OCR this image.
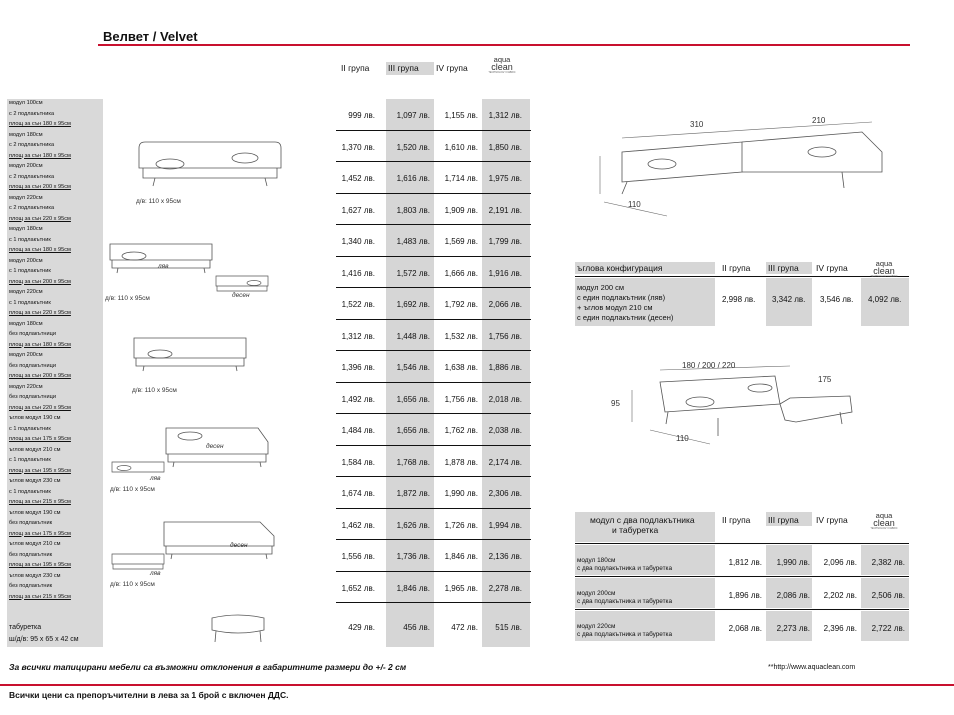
Велвет / Velvet
II група III група	IV група
aqua
clean
TECHNOLOGY FABRIC
модул 100см
с 2 подлакътника
площ за сън 180 x 95см
999 лв.	1,097 лв.	1,155 лв.	1,312 лв.
модул 180см
с 2 подлакътника
площ за сън 180 x 95см
1,370 лв.	1,520 лв.	1,610 лв.	1,850 лв.
модул 200см
с 2 подлакътника
площ за сън 200 x 95см
1,452 лв.	1,616 лв.	1,714 лв.	1,975 лв.
модул 220см
с 2 подлакътника
площ за сън 220 x 95см
1,627 лв.	1,803 лв.	1,909 лв.	2,191 лв.
модул 180см
с 1 подлакътник
площ за сън 180 x 95см
1,340 лв.	1,483 лв.	1,569 лв.	1,799 лв.
модул 200см
с 1 подлакътник
площ за сън 200 x 95см
1,416 лв.	1,572 лв.	1,666 лв.	1,916 лв.
модул 220см
с 1 подлакътник
площ за сън 220 x 95см
1,522 лв.	1,692 лв.	1,792 лв.	2,066 лв.
модул 180см
без подлакътници
площ за сън 180 x 95см
1,312 лв.	1,448 лв.	1,532 лв.	1,756 лв.
модул 200см
без подлакътници
площ за сън 200 x 95см
1,396 лв.	1,546 лв.	1,638 лв.	1,886 лв.
модул 220см
без подлакътници
площ за сън 220 x 95см
1,492 лв.	1,656 лв.	1,756 лв.	2,018 лв.
ъглов модул 190 см
с 1 подлакътник
площ за сън 175 x 95см
1,484 лв.	1,656 лв.	1,762 лв.	2,038 лв.
ъглов модул 210 см
с 1 подлакътник
площ за сън 195 x 95см
1,584 лв.	1,768 лв.	1,878 лв.	2,174 лв.
ъглов модул 230 см
с 1 подлакътник
площ за сън 215 x 95см
1,674 лв.	1,872 лв.	1,990 лв.	2,306 лв.
ъглов модул 190 см
без подлакътник
площ за сън 175 x 95см
1,462 лв.	1,626 лв.	1,726 лв.	1,994 лв.
ъглов модул 210 см
без подлакътник
площ за сън 195 x 95см
1,556 лв.	1,736 лв.	1,846 лв.	2,136 лв.
ъглов модул 230 см
без подлакътник
площ за сън 215 x 95см
1,652 лв.	1,846 лв.	1,965 лв.	2,278 лв.
табуретка
ш/д/в: 95 x 65 x 42 см
429 лв.	456 лв.	472 лв.	515 лв.
д/в: 110 x 95см
ляв
десен
д/в: 110 x 95см
д/в: 110 x 95см
десен
ляв
д/в: 110 x 95см
десен
ляв
д/в: 110 x 95см
310	210
110
ъглова конфигурация	II група III група IV група
модул 200 см
с един подлакътник (ляв)
+ ъглов модул 210 см
с един подлакътник (десен)
2,998 лв. 3,342 лв. 3,546 лв. 4,092 лв.
aqua
clean
TECHNOLOGY FABRIC
180 / 200 / 220
175
95
110
модул с два подлакътника
и табуретка
II група III група IV група
модул 180см
с два подлакътника и табуретка
1,812 лв.	1,990 лв.	2,096 лв.	2,382 лв.
модул 200см
с два подлакътника и табуретка
1,896 лв.	2,086 лв.	2,202 лв.	2,506 лв.
модул 220см
с два подлакътника и табуретка
2,068 лв.	2,273 лв.	2,396 лв.	2,722 лв.
aqua
clean
TECHNOLOGY FABRIC
За всички тапицирани мебели са възможни отклонения в габаритните размери до +/- 2 см	**http://www.aquaclean.com
Всички цени са препоръчителни в лева за 1 брой с включен ДДС.
